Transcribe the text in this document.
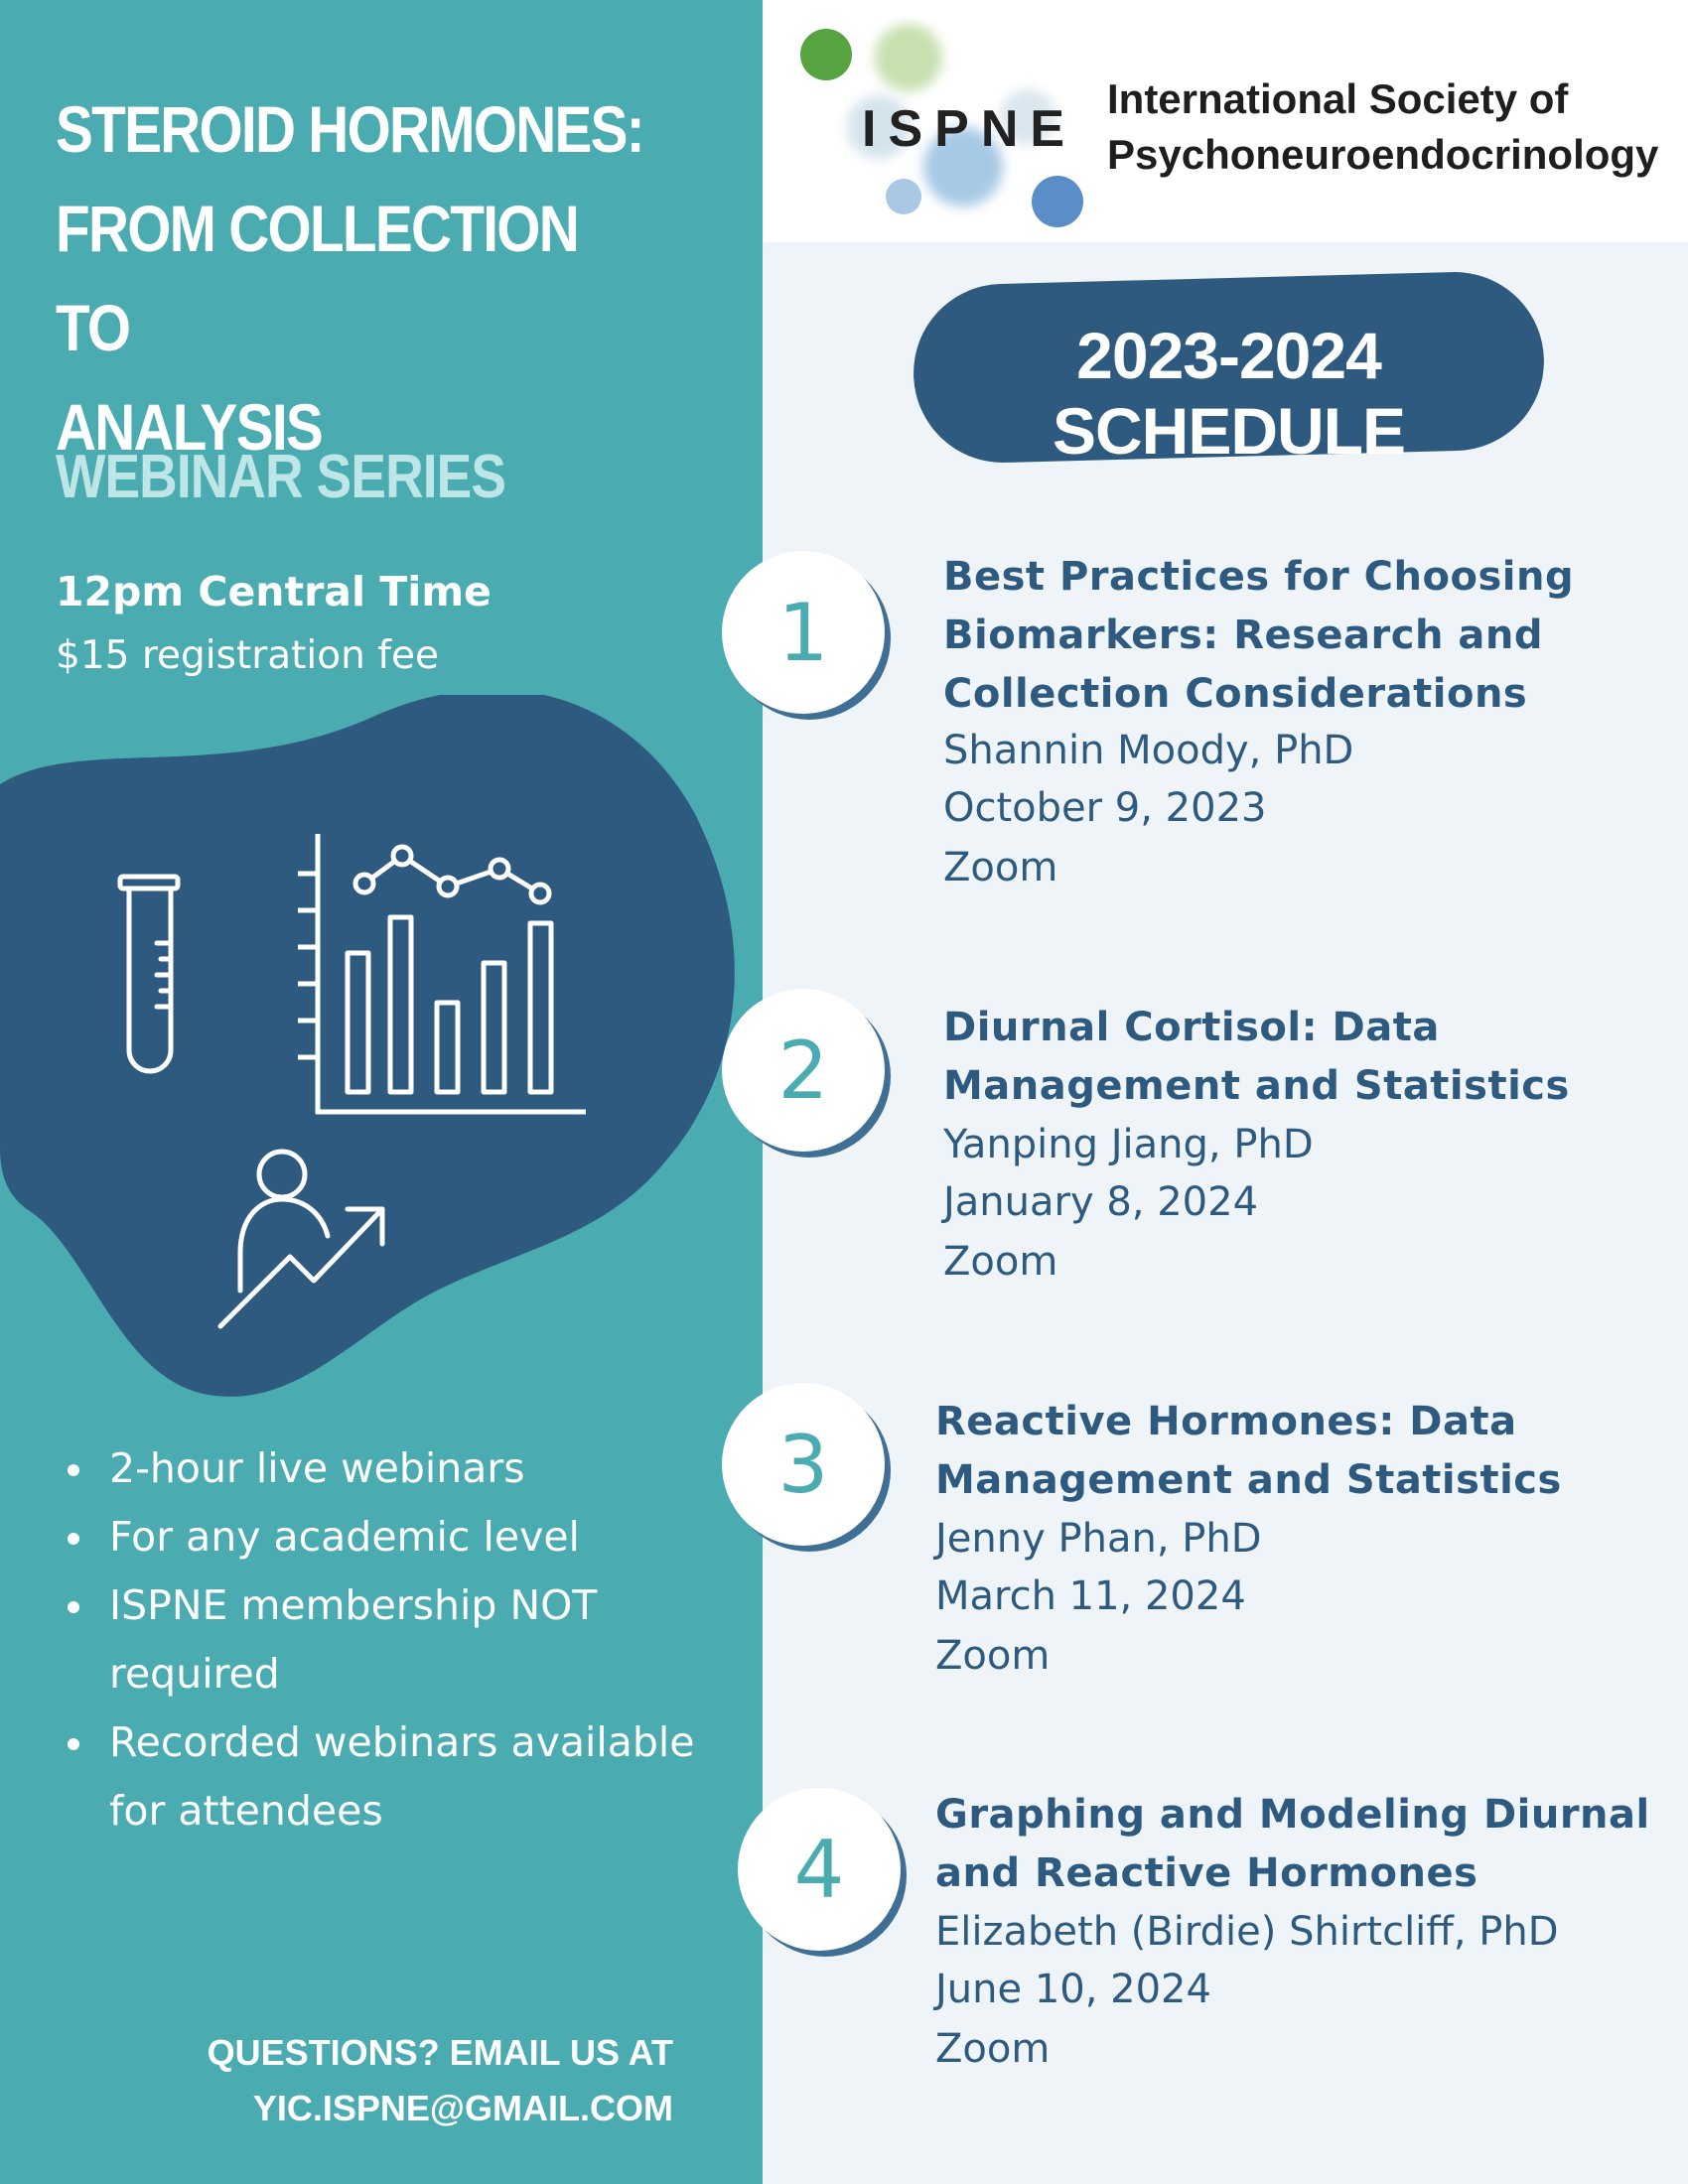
STEROID HORMONES:
FROM COLLECTION TO
ANALYSIS
WEBINAR SERIES
12pm Central Time
$15 registration fee
2-hour live webinars
For any academic level
ISPNE membership NOT required
Recorded webinars available for attendees
QUESTIONS? EMAIL US AT
YIC.ISPNE@GMAIL.COM
ISPNE
International Society of
Psychoneuroendocrinology
2023-2024 SCHEDULE
1
Best Practices for Choosing Biomarkers: Research and Collection Considerations
Shannin Moody, PhD
October 9, 2023
Zoom
2	Diurnal Cortisol: Data Management and Statistics
Yanping Jiang, PhD
January 8, 2024
Zoom
3	Reactive Hormones: Data Management and Statistics
Jenny Phan, PhD
March 11, 2024
Zoom
4
Graphing and Modeling Diurnal and Reactive Hormones
Elizabeth (Birdie) Shirtcliff, PhD
June 10, 2024
Zoom
